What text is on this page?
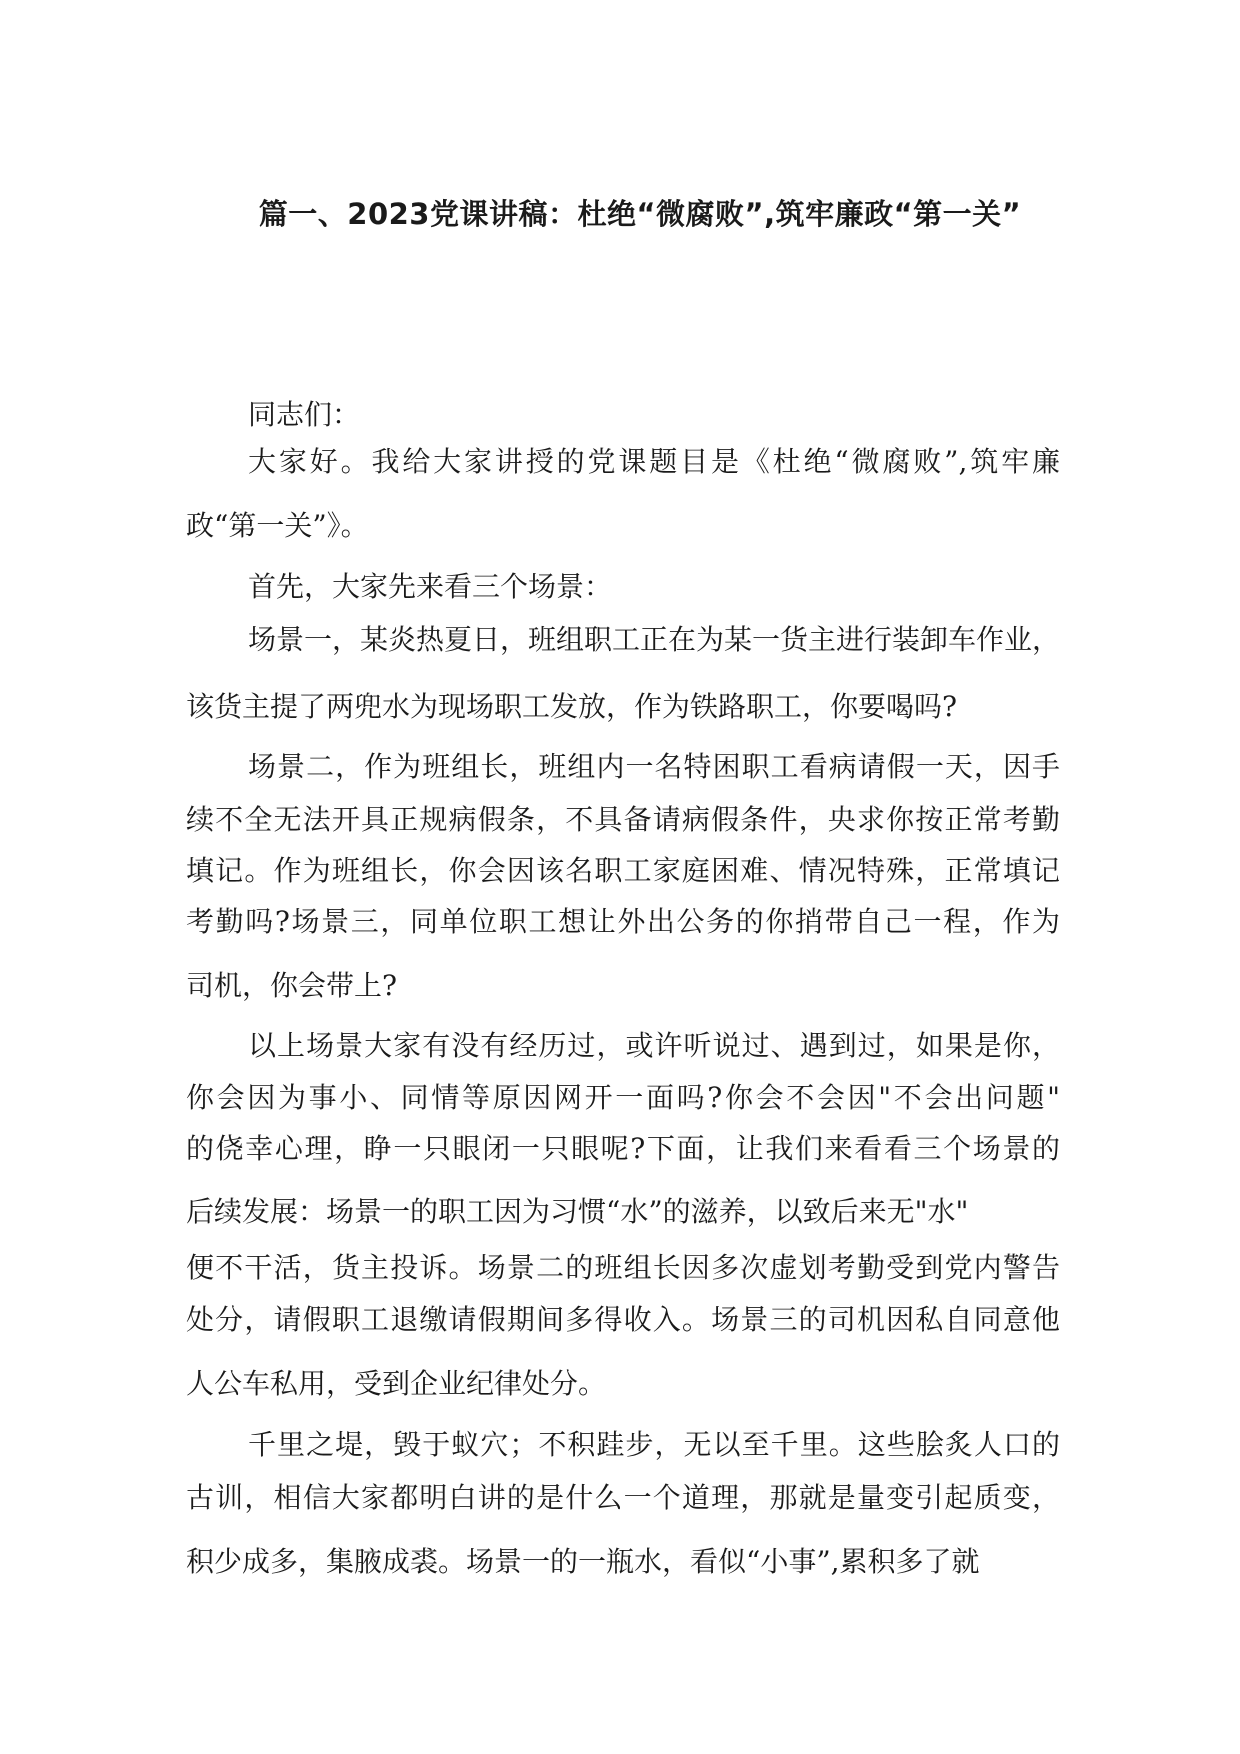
篇一、2023党课讲稿：杜绝“微腐败”,筑牢廉政“第一关”
同志们：
大家好。我给大家讲授的党课题目是《杜绝“微腐败”,筑牢廉
政“第一关”》。
首先，大家先来看三个场景：
场景一，某炎热夏日，班组职工正在为某一货主进行装卸车作业，
该货主提了两兜水为现场职工发放，作为铁路职工，你要喝吗?
场景二，作为班组长，班组内一名特困职工看病请假一天，因手
续不全无法开具正规病假条，不具备请病假条件，央求你按正常考勤
填记。作为班组长，你会因该名职工家庭困难、情况特殊，正常填记
考勤吗?场景三，同单位职工想让外出公务的你捎带自己一程，作为
司机，你会带上?
以上场景大家有没有经历过，或许听说过、遇到过，如果是你，
你会因为事小、同情等原因网开一面吗?你会不会因"不会出问题"
的侥幸心理，睁一只眼闭一只眼呢?下面，让我们来看看三个场景的
后续发展：场景一的职工因为习惯“水”的滋养，以致后来无"水"
便不干活，货主投诉。场景二的班组长因多次虚划考勤受到党内警告
处分，请假职工退缴请假期间多得收入。场景三的司机因私自同意他
人公车私用，受到企业纪律处分。
千里之堤，毁于蚁穴；不积跬步，无以至千里。这些脍炙人口的
古训，相信大家都明白讲的是什么一个道理，那就是量变引起质变，
积少成多，集腋成裘。场景一的一瓶水，看似“小事”,累积多了就
